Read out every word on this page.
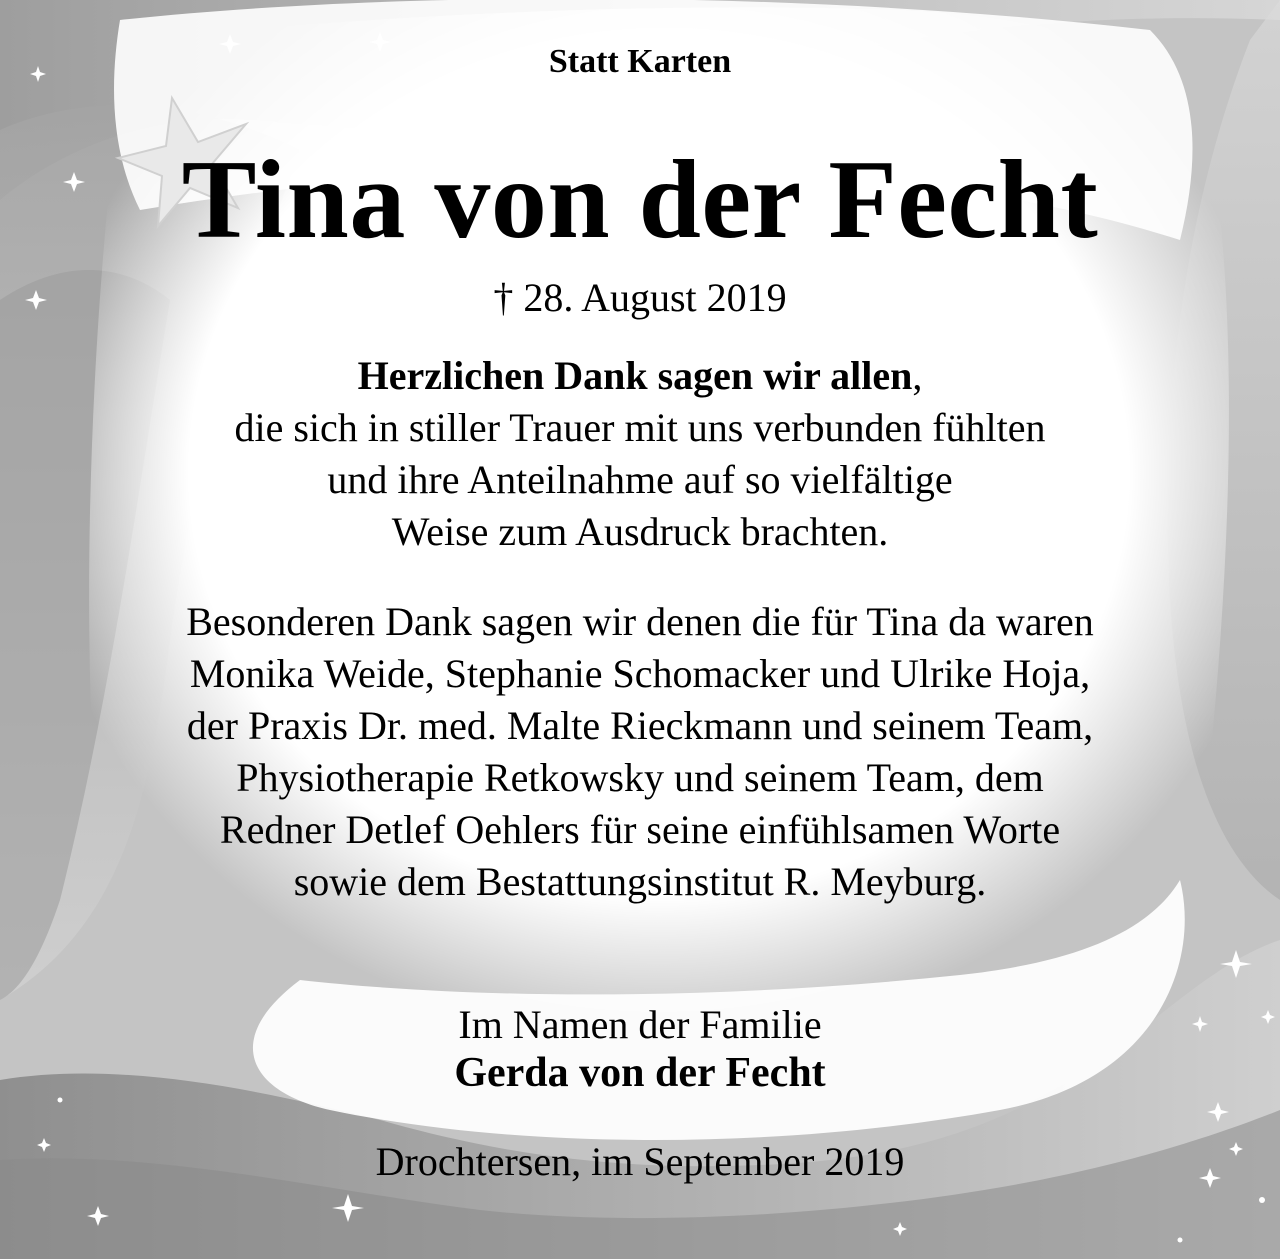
Statt Karten
Tina von der Fecht
† 28. August 2019
Herzlichen Dank sagen wir allen,
die sich in stiller Trauer mit uns verbunden fühlten
und ihre Anteilnahme auf so vielfältige
Weise zum Ausdruck brachten.
Besonderen Dank sagen wir denen die für Tina da waren
Monika Weide, Stephanie Schomacker und Ulrike Hoja,
der Praxis Dr. med. Malte Rieckmann und seinem Team,
Physiotherapie Retkowsky und seinem Team, dem
Redner Detlef Oehlers für seine einfühlsamen Worte
sowie dem Bestattungsinstitut R. Meyburg.
Im Namen der Familie
Gerda von der Fecht
Drochtersen, im September 2019
